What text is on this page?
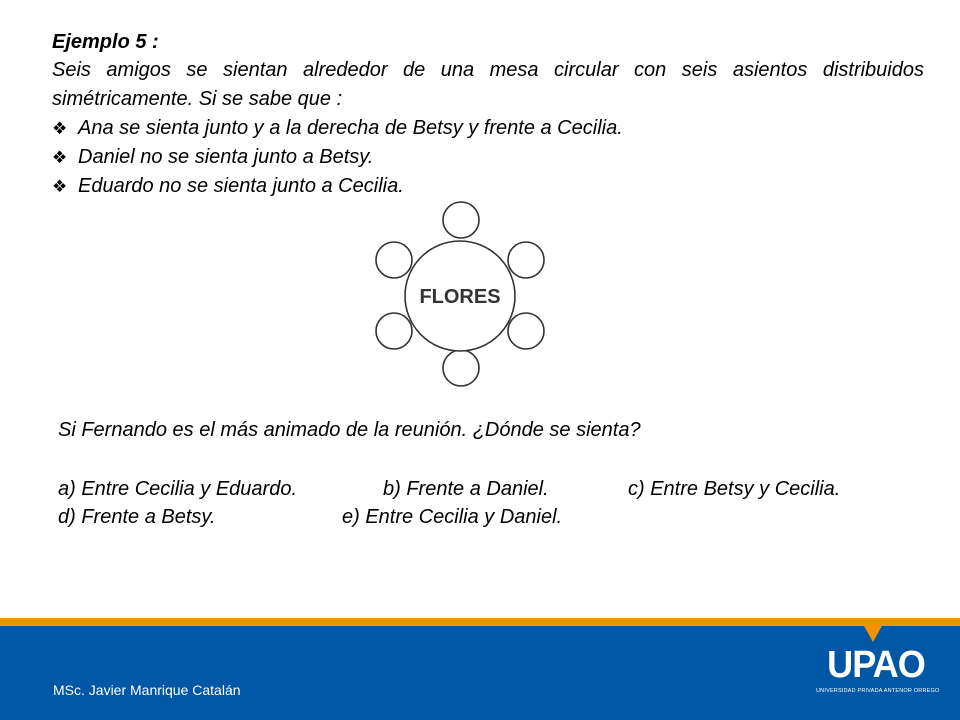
Ejemplo 5 :

Seis amigos se sientan alrededor de una mesa circular con seis asientos distribuidos simétricamente. Si se sabe que :

❖ Ana se sienta junto y a la derecha de Betsy y frente a Cecilia.
❖ Daniel no se sienta junto a Betsy.
❖ Eduardo no se sienta junto a Cecilia.
FLORES

Si Fernando es el más animado de la reunión. ¿Dónde se sienta?

a) Entre Cecilia y Eduardo.	b) Frente a Daniel.	c) Entre Betsy y Cecilia.
d) Frente a Betsy.	e) Entre Cecilia y Daniel.
MSc. Javier Manrique Catalán
UPAO
UNIVERSIDAD PRIVADA ANTENOR ORREGO
